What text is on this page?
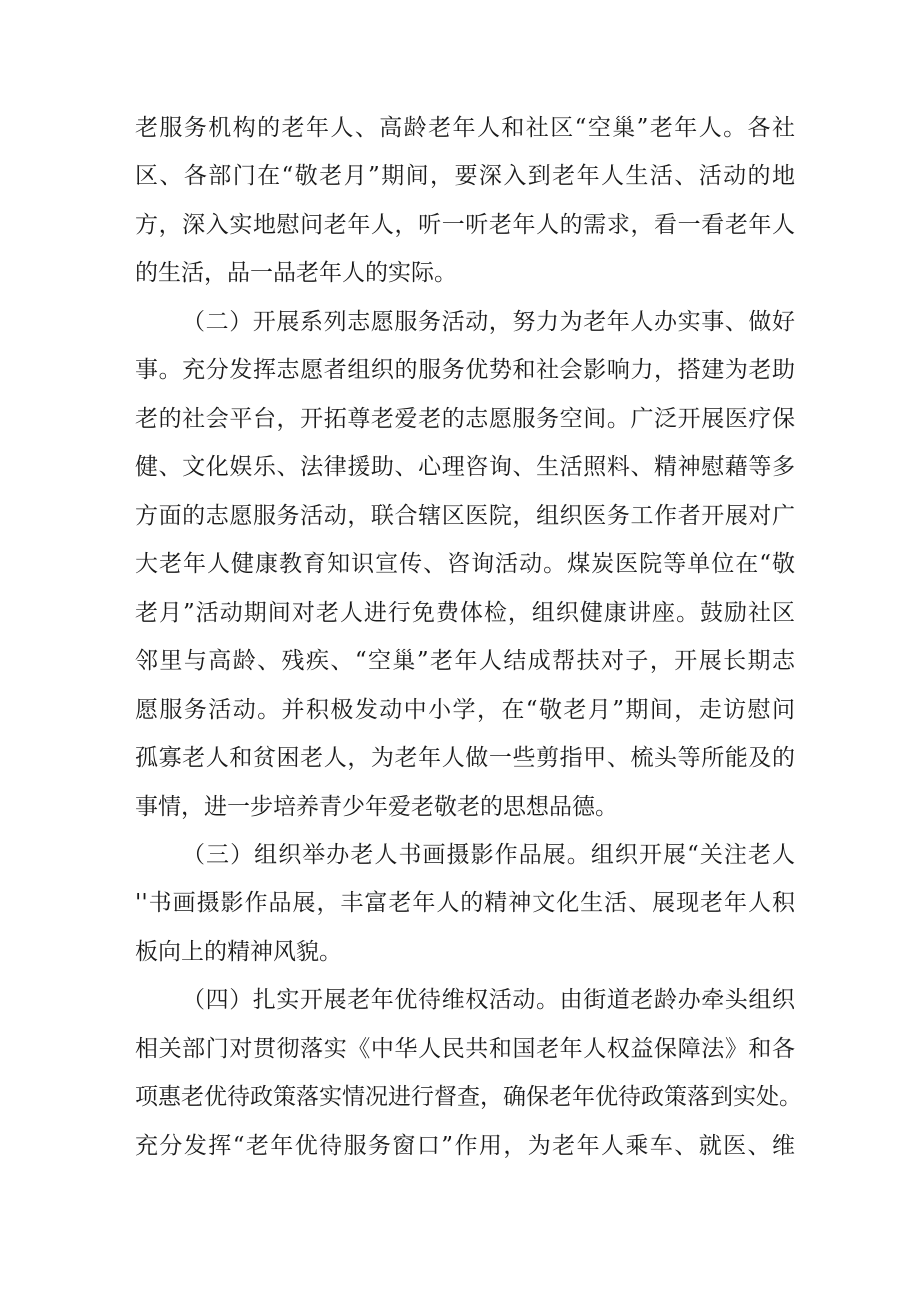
老服务机构的老年人、高龄老年人和社区“空巢”老年人。各社
区、各部门在“敬老月”期间，要深入到老年人生活、活动的地
方，深入实地慰问老年人，听一听老年人的需求，看一看老年人
的生活，品一品老年人的实际。
（二）开展系列志愿服务活动，努力为老年人办实事、做好
事。充分发挥志愿者组织的服务优势和社会影响力，搭建为老助
老的社会平台，开拓尊老爱老的志愿服务空间。广泛开展医疗保
健、文化娱乐、法律援助、心理咨询、生活照料、精神慰藉等多
方面的志愿服务活动，联合辖区医院，组织医务工作者开展对广
大老年人健康教育知识宣传、咨询活动。煤炭医院等单位在“敬
老月”活动期间对老人进行免费体检，组织健康讲座。鼓励社区
邻里与高龄、残疾、“空巢”老年人结成帮扶对子，开展长期志
愿服务活动。并积极发动中小学，在“敬老月”期间，走访慰问
孤寡老人和贫困老人，为老年人做一些剪指甲、梳头等所能及的
事情，进一步培养青少年爱老敬老的思想品德。
（三）组织举办老人书画摄影作品展。组织开展“关注老人
''书画摄影作品展，丰富老年人的精神文化生活、展现老年人积
板向上的精神风貌。
（四）扎实开展老年优待维权活动。由街道老龄办牵头组织
相关部门对贯彻落实《中华人民共和国老年人权益保障法》和各
项惠老优待政策落实情况进行督查，确保老年优待政策落到实处。
充分发挥“老年优待服务窗口”作用，为老年人乘车、就医、维
